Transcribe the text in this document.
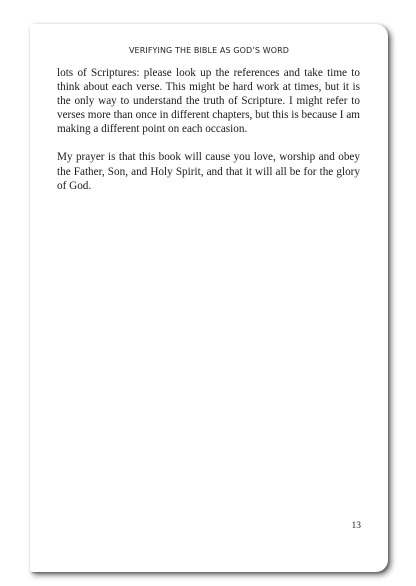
VERIFYING THE BIBLE AS GOD’S WORD

lots of Scriptures: please look up the references and take time to think about each verse. This might be hard work at times, but it is the only way to understand the truth of Scripture. I might refer to verses more than once in different chapters, but this is because I am making a different point on each occasion.

My prayer is that this book will cause you love, worship and obey the Father, Son, and Holy Spirit, and that it will all be for the glory of God.

13
